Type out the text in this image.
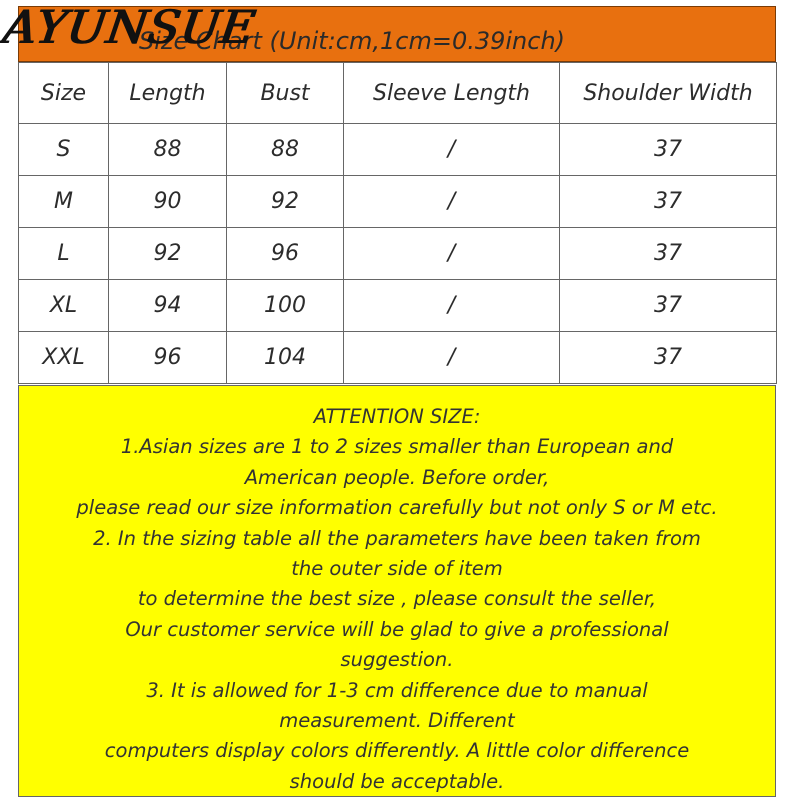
Size Chart (Unit:cm,1cm=0.39inch)
AYUNSUE
Size	Length	Bust	Sleeve Length	Shoulder Width
S	88	88	/	37
M	90	92	/	37
L	92	96	/	37
XL	94	100	/	37
XXL	96	104	/	37
ATTENTION SIZE:
1.Asian sizes are 1 to 2 sizes smaller than European and
American people. Before order,
please read our size information carefully but not only S or M etc.
2. In the sizing table all the parameters have been taken from
the outer side of item
to determine the best size , please consult the seller,
Our customer service will be glad to give a professional
suggestion.
3. It is allowed for 1-3 cm difference due to manual
measurement. Different
computers display colors differently. A little color difference
should be acceptable.
